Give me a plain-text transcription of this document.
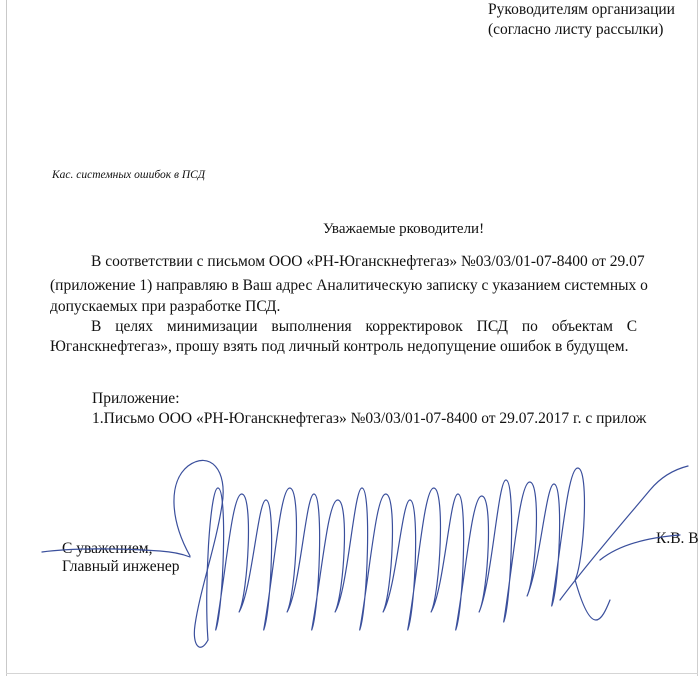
Руководителям организации
(согласно листу рассылки)
Кас. системных ошибок в ПСД
Уважаемые рководители!
В соответствии с письмом ООО «РН-Юганскнефтегаз» №03/03/01-07-8400 от 29.07
(приложение 1) направляю в Ваш адрес Аналитическую записку с указанием системных о
допускаемых при разработке ПСД.
В целях минимизации выполнения корректировок ПСД по объектам С
Юганскнефтегаз», прошу взять под личный контроль недопущение ошибок в будущем.
Приложение:
1.Письмо ООО «РН-Юганскнефтегаз» №03/03/01-07-8400 от 29.07.2017 г. с прилож
С уважением,
Главный инженер
К.В. В
